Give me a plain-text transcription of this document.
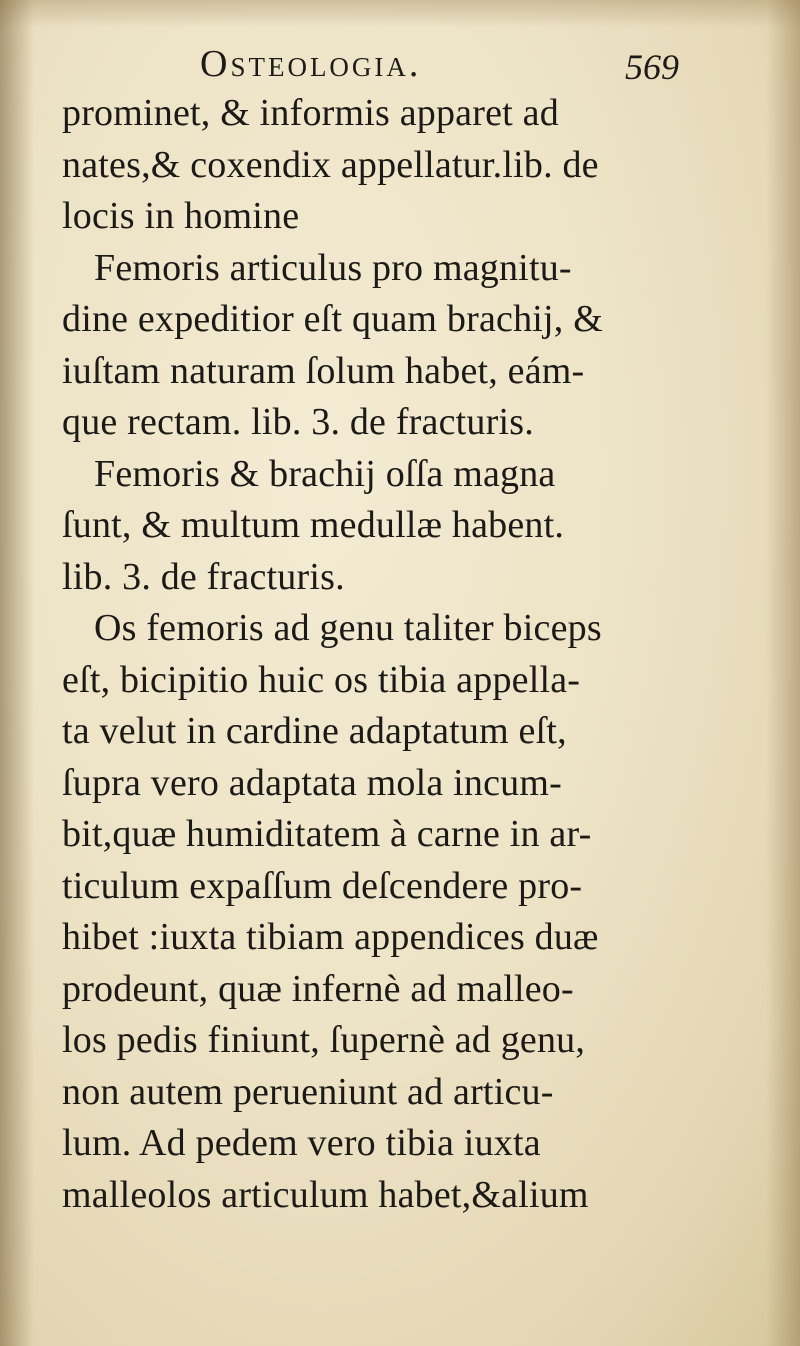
Osteologia.	569
prominet, & informis apparet ad
nates,& coxendix appellatur.lib. de
locis in homine
Femoris articulus pro magnitu-
dine expeditior eſt quam brachij, &
iuſtam naturam ſolum habet, eám-
que rectam. lib. 3. de fracturis.
Femoris & brachij oſſa magna
ſunt, & multum medullæ habent.
lib. 3. de fracturis.
Os femoris ad genu taliter biceps
eſt, bicipitio huic os tibia appella-
ta velut in cardine adaptatum eſt,
ſupra vero adaptata mola incum-
bit,quæ humiditatem à carne in ar-
ticulum expaſſum deſcendere pro-
hibet :iuxta tibiam appendices duæ
prodeunt, quæ infernè ad malleo-
los pedis finiunt, ſupernè ad genu,
non autem perueniunt ad articu-
lum. Ad pedem vero tibia iuxta
malleolos articulum habet,&alium
